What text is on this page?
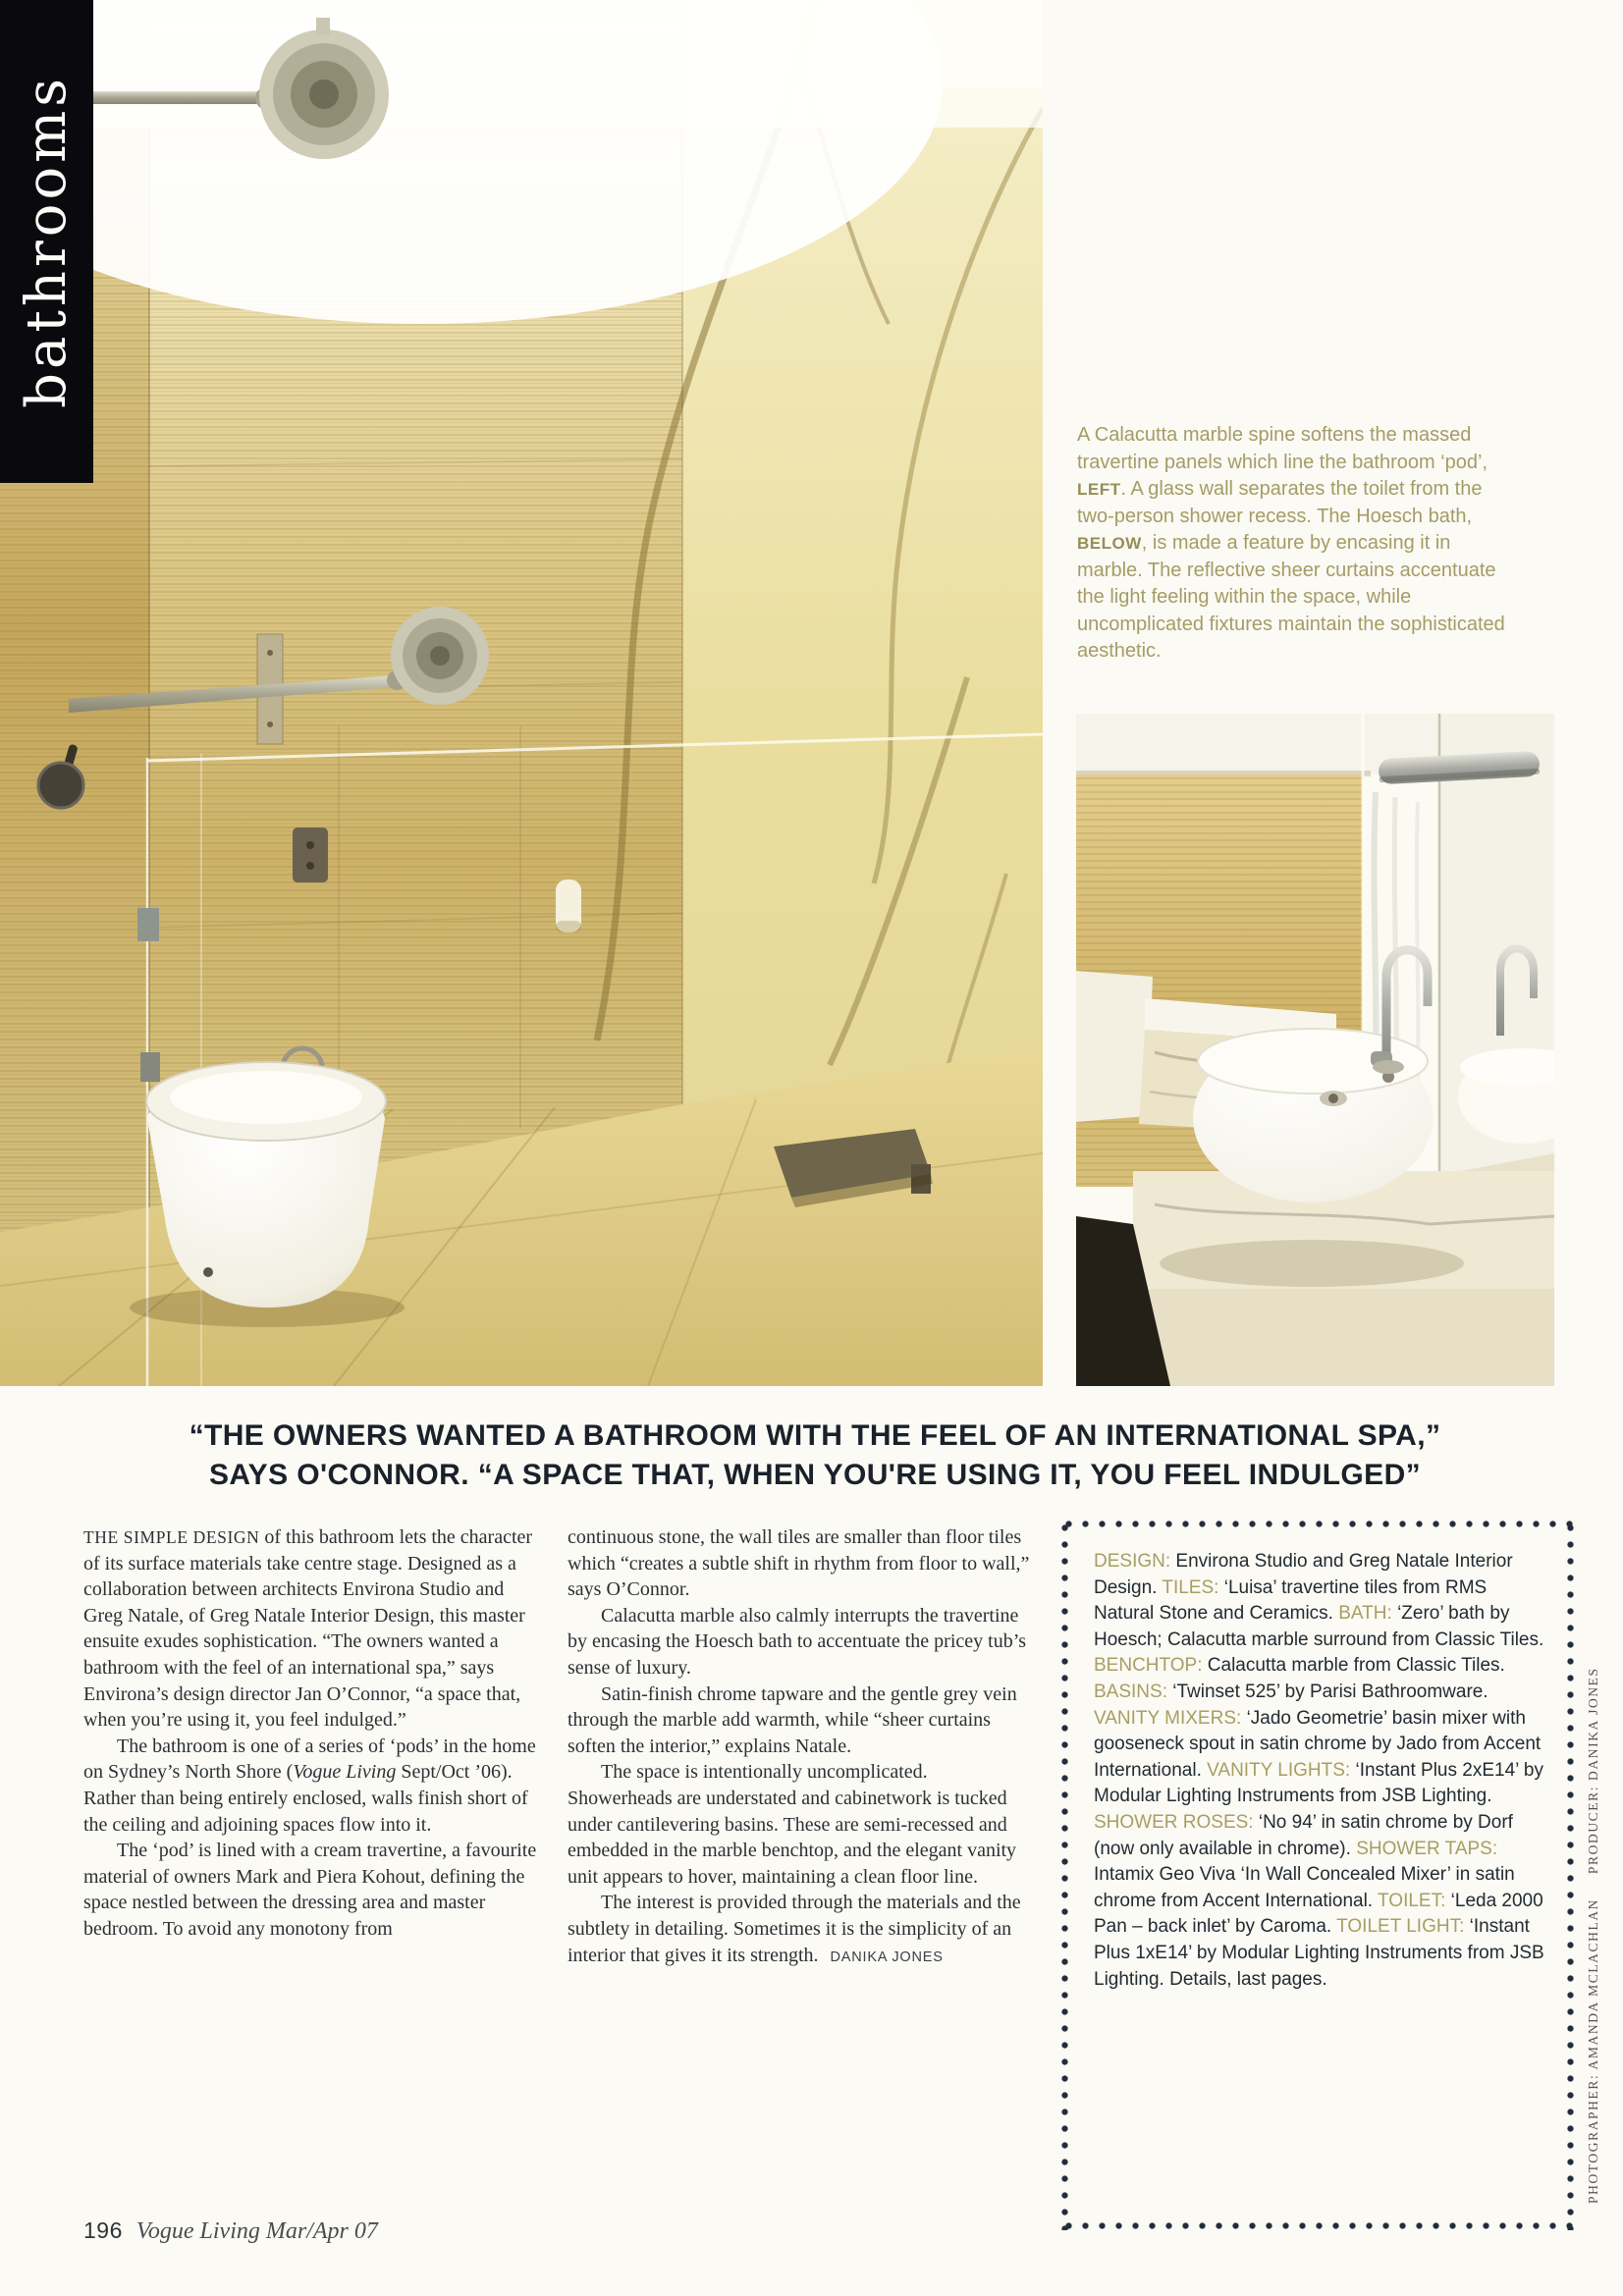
bathrooms
A Calacutta marble spine softens the massed travertine panels which line the bathroom ‘pod’, LEFT. A glass wall separates the toilet from the two-person shower recess. The Hoesch bath, BELOW, is made a feature by encasing it in marble. The reflective sheer curtains accentuate the light feeling within the space, while uncomplicated fixtures maintain the sophisticated aesthetic.
“THE OWNERS WANTED A BATHROOM WITH THE FEEL OF AN INTERNATIONAL SPA,”
SAYS O'CONNOR. “A SPACE THAT, WHEN YOU'RE USING IT, YOU FEEL INDULGED”

THE SIMPLE DESIGN of this bathroom lets the character of its surface materials take centre stage. Designed as a collaboration between architects Environa Studio and Greg Natale, of Greg Natale Interior Design, this master ensuite exudes sophistication. “The owners wanted a bathroom with the feel of an international spa,” says Environa’s design director Jan O’Connor, “a space that, when you’re using it, you feel indulged.”

The bathroom is one of a series of ‘pods’ in the home on Sydney’s North Shore (Vogue Living Sept/Oct ’06). Rather than being entirely enclosed, walls finish short of the ceiling and adjoining spaces flow into it.

The ‘pod’ is lined with a cream travertine, a favourite material of owners Mark and Piera Kohout, defining the space nestled between the dressing area and master bedroom. To avoid any monotony from

continuous stone, the wall tiles are smaller than floor tiles which “creates a subtle shift in rhythm from floor to wall,” says O’Connor.

Calacutta marble also calmly interrupts the travertine by encasing the Hoesch bath to accentuate the pricey tub’s sense of luxury.

Satin-finish chrome tapware and the gentle grey vein through the marble add warmth, while “sheer curtains soften the interior,” explains Natale.

The space is intentionally uncomplicated. Showerheads are understated and cabinetwork is tucked under cantilevering basins. These are semi-recessed and embedded in the marble benchtop, and the elegant vanity unit appears to hover, maintaining a clean floor line.

The interest is provided through the materials and the subtlety in detailing. Sometimes it is the simplicity of an interior that gives it its strength. DANIKA JONES

DESIGN: Environa Studio and Greg Natale Interior Design. TILES: ‘Luisa’ travertine tiles from RMS Natural Stone and Ceramics. BATH: ‘Zero’ bath by Hoesch; Calacutta marble surround from Classic Tiles. BENCHTOP: Calacutta marble from Classic Tiles. BASINS: ‘Twinset 525’ by Parisi Bathroomware. VANITY MIXERS: ‘Jado Geometrie’ basin mixer with gooseneck spout in satin chrome by Jado from Accent International. VANITY LIGHTS: ‘Instant Plus 2xE14’ by Modular Lighting Instruments from JSB Lighting. SHOWER ROSES: ‘No 94’ in satin chrome by Dorf (now only available in chrome). SHOWER TAPS: Intamix Geo Viva ‘In Wall Concealed Mixer’ in satin chrome from Accent International. TOILET: ‘Leda 2000 Pan – back inlet’ by Caroma. TOILET LIGHT: ‘Instant Plus 1xE14’ by Modular Lighting Instruments from JSB Lighting. Details, last pages.	PHOTOGRAPHER: AMANDA MCLACHLAN     PRODUCER: DANIKA JONES
196 Vogue Living Mar/Apr 07
